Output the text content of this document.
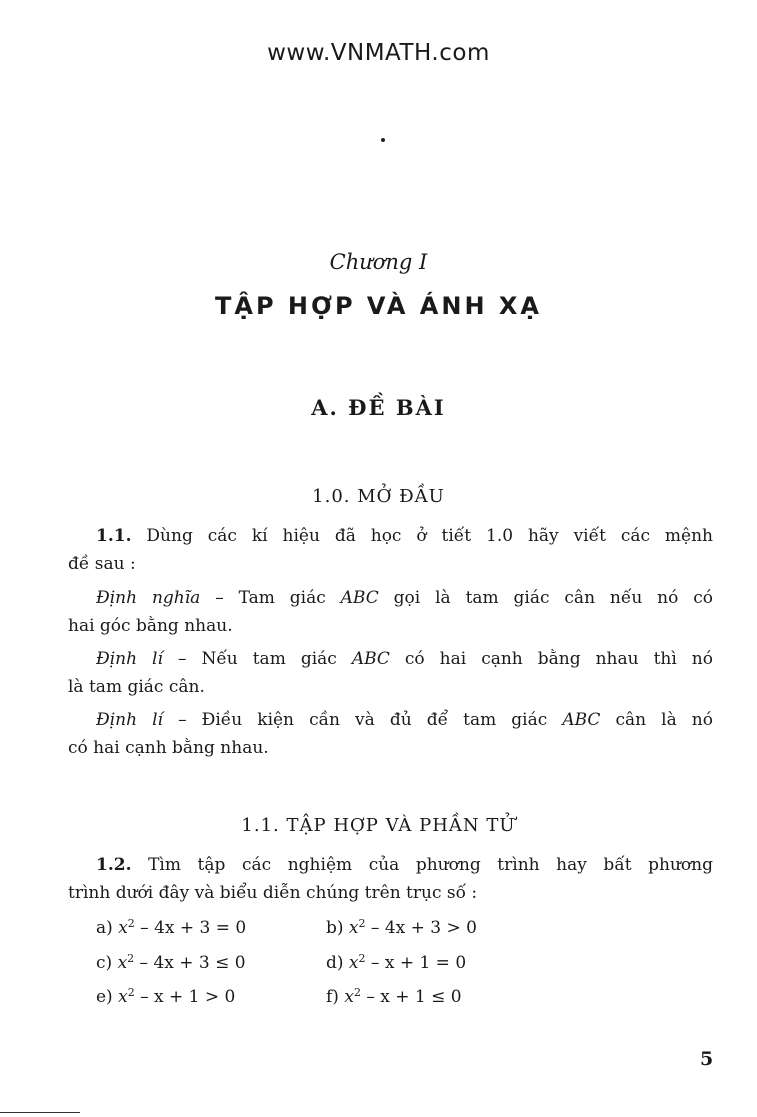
www.VNMATH.com
Chương I
TẬP HỢP VÀ ÁNH XẠ
A. ĐỀ BÀI
1.0. MỞ ĐẦU
1.1. Dùng các kí hiệu đã học ở tiết 1.0 hãy viết các mệnh
đề sau :
Định nghĩa – Tam giác ABC gọi là tam giác cân nếu nó có
hai góc bằng nhau.
Định lí – Nếu tam giác ABC có hai cạnh bằng nhau thì nó
là tam giác cân.
Định lí – Điều kiện cần và đủ để tam giác ABC cân là nó
có hai cạnh bằng nhau.
1.1. TẬP HỢP VÀ PHẦN TỬ
1.2. Tìm tập các nghiệm của phương trình hay bất phương
trình dưới đây và biểu diễn chúng trên trục số :
a) $x^2 - 4x + 3 = 0$	b) $x^2 - 4x + 3 > 0$
c) $x^2 - 4x + 3 \le 0$	d) $x^2 - x + 1 = 0$
e) $x^2 - x + 1 > 0$	f) $x^2 - x + 1 \le 0$
5
